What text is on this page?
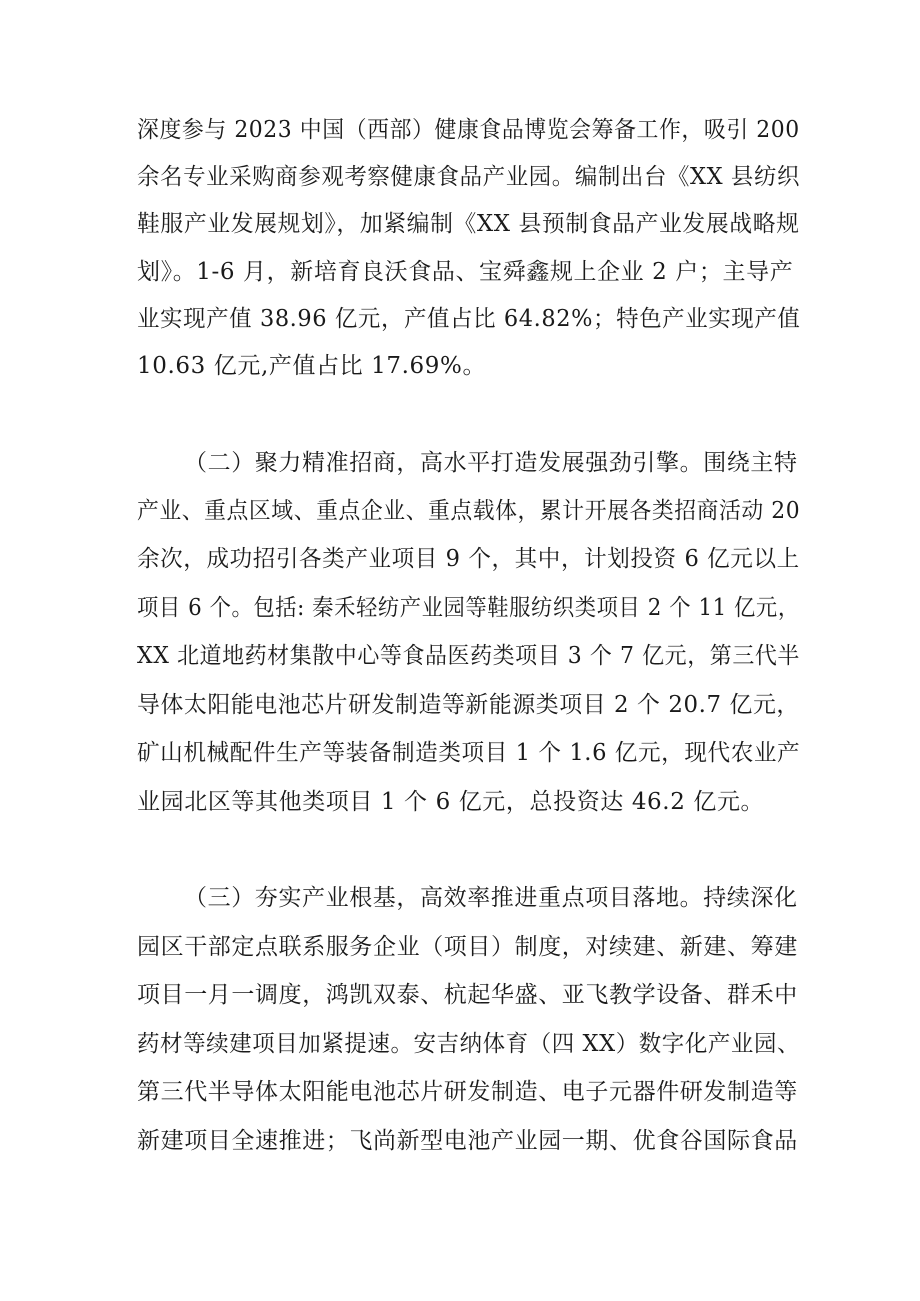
深度参与 2023 中国（西部）健康食品博览会筹备工作，吸引 200
余名专业采购商参观考察健康食品产业园。编制出台《XX 县纺织
鞋服产业发展规划》，加紧编制《XX 县预制食品产业发展战略规
划》。1-6 月，新培育良沃食品、宝舜鑫规上企业 2 户；主导产
业实现产值 38.96 亿元，产值占比 64.82%；特色产业实现产值
10.63 亿元,产值占比 17.69%。
（二）聚力精准招商，高水平打造发展强劲引擎。围绕主特
产业、重点区域、重点企业、重点载体，累计开展各类招商活动 20
余次，成功招引各类产业项目 9 个，其中，计划投资 6 亿元以上
项目 6 个。包括: 秦禾轻纺产业园等鞋服纺织类项目 2 个 11 亿元，
XX 北道地药材集散中心等食品医药类项目 3 个 7 亿元，第三代半
导体太阳能电池芯片研发制造等新能源类项目 2 个 20.7 亿元，
矿山机械配件生产等装备制造类项目 1 个 1.6 亿元，现代农业产
业园北区等其他类项目 1 个 6 亿元，总投资达 46.2 亿元。
（三）夯实产业根基，高效率推进重点项目落地。持续深化
园区干部定点联系服务企业（项目）制度，对续建、新建、筹建
项目一月一调度，鸿凯双泰、杭起华盛、亚飞教学设备、群禾中
药材等续建项目加紧提速。安吉纳体育（四 XX）数字化产业园、
第三代半导体太阳能电池芯片研发制造、电子元器件研发制造等
新建项目全速推进；飞尚新型电池产业园一期、优食谷国际食品
